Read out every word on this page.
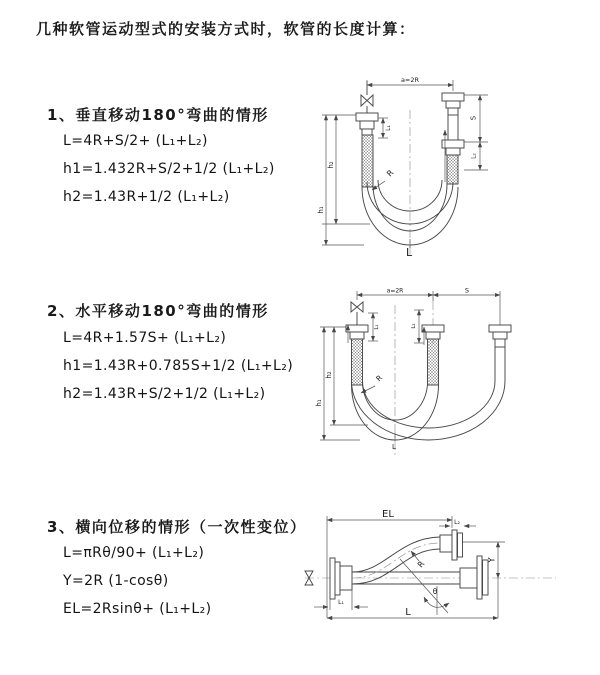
几种软管运动型式的安装方式时，软管的长度计算：
1、垂直移动180°弯曲的情形
L=4R+S/2+ (L₁+L₂)
h1=1.432R+S/2+1/2 (L₁+L₂)
h2=1.43R+1/2 (L₁+L₂)
2、水平移动180°弯曲的情形
L=4R+1.57S+ (L₁+L₂)
h1=1.43R+0.785S+1/2 (L₁+L₂)
h2=1.43R+S/2+1/2 (L₁+L₂)
3、横向位移的情形（一次性变位）
L=πRθ/90+ (L₁+L₂)
Y=2R (1-cosθ)
EL=2Rsinθ+ (L₁+L₂)
a=2R
S
L₂
h₁
h₂
L₁
R
L
a=2R	S
h₁
h₂
L₁	L₂
R
L
EL
L₂
Y
L
L₁
R
θ
